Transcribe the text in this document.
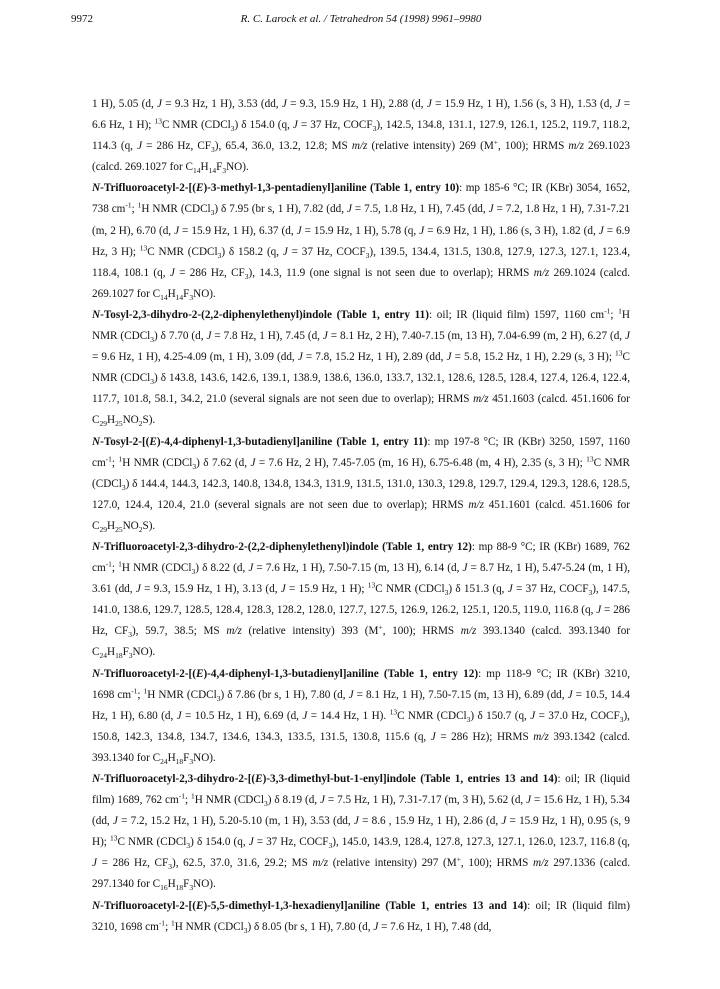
9972	R. C. Larock et al. / Tetrahedron 54 (1998) 9961–9980

1 H), 5.05 (d, J = 9.3 Hz, 1 H), 3.53 (dd, J = 9.3, 15.9 Hz, 1 H), 2.88 (d, J = 15.9 Hz, 1 H), 1.56 (s, 3 H), 1.53 (d, J = 6.6 Hz, 1 H); $^{13}$C NMR (CDCl$_3$) δ 154.0 (q, J = 37 Hz, $COCF_3$), 142.5, 134.8, 131.1, 127.9, 126.1, 125.2, 119.7, 118.2, 114.3 (q, J = 286 Hz, $CF_3$), 65.4, 36.0, 13.2, 12.8; MS m/z (relative intensity) 269 (M+, 100); HRMS m/z 269.1023 (calcd. 269.1027 for $C_{14}H_{14}F_3NO$).

N-Trifluoroacetyl-2-[(E)-3-methyl-1,3-pentadienyl]aniline (Table 1, entry 10): mp 185-6 °C; IR (KBr) 3054, 1652, 738 $cm^{-1}$; $^1$H NMR (CDCl$_3$) δ 7.95 (br s, 1 H), 7.82 (dd, J = 7.5, 1.8 Hz, 1 H), 7.45 (dd, J = 7.2, 1.8 Hz, 1 H), 7.31-7.21 (m, 2 H), 6.70 (d, J = 15.9 Hz, 1 H), 6.37 (d, J = 15.9 Hz, 1 H), 5.78 (q, J = 6.9 Hz, 1 H), 1.86 (s, 3 H), 1.82 (d, J = 6.9 Hz, 3 H); $^{13}$C NMR (CDCl$_3$) δ 158.2 (q, J = 37 Hz, $COCF_3$), 139.5, 134.4, 131.5, 130.8, 127.9, 127.3, 127.1, 123.4, 118.4, 108.1 (q, J = 286 Hz, $CF_3$), 14.3, 11.9 (one signal is not seen due to overlap); HRMS m/z 269.1024 (calcd. 269.1027 for $C_{14}H_{14}F_3NO$).

N-Tosyl-2,3-dihydro-2-(2,2-diphenylethenyl)indole (Table 1, entry 11): oil; IR (liquid film) 1597, 1160 $cm^{-1}$; $^1$H NMR (CDCl$_3$) δ 7.70 (d, J = 7.8 Hz, 1 H), 7.45 (d, J = 8.1 Hz, 2 H), 7.40-7.15 (m, 13 H), 7.04-6.99 (m, 2 H), 6.27 (d, J = 9.6 Hz, 1 H), 4.25-4.09 (m, 1 H), 3.09 (dd, J = 7.8, 15.2 Hz, 1 H), 2.89 (dd, J = 5.8, 15.2 Hz, 1 H), 2.29 (s, 3 H); $^{13}$C NMR (CDCl$_3$) δ 143.8, 143.6, 142.6, 139.1, 138.9, 138.6, 136.0, 133.7, 132.1, 128.6, 128.5, 128.4, 127.4, 126.4, 122.4, 117.7, 101.8, 58.1, 34.2, 21.0 (several signals are not seen due to overlap); HRMS m/z 451.1603 (calcd. 451.1606 for $C_{29}H_{25}NO_2S$).

N-Tosyl-2-[(E)-4,4-diphenyl-1,3-butadienyl]aniline (Table 1, entry 11): mp 197-8 °C; IR (KBr) 3250, 1597, 1160 $cm^{-1}$; $^1$H NMR (CDCl$_3$) δ 7.62 (d, J = 7.6 Hz, 2 H), 7.45-7.05 (m, 16 H), 6.75-6.48 (m, 4 H), 2.35 (s, 3 H); $^{13}$C NMR (CDCl$_3$) δ 144.4, 144.3, 142.3, 140.8, 134.8, 134.3, 131.9, 131.5, 131.0, 130.3, 129.8, 129.7, 129.4, 129.3, 128.6, 128.5, 127.0, 124.4, 120.4, 21.0 (several signals are not seen due to overlap); HRMS m/z 451.1601 (calcd. 451.1606 for $C_{29}H_{25}NO_2S$).

N-Trifluoroacetyl-2,3-dihydro-2-(2,2-diphenylethenyl)indole (Table 1, entry 12): mp 88-9 °C; IR (KBr) 1689, 762 $cm^{-1}$; $^1$H NMR (CDCl$_3$) δ 8.22 (d, J = 7.6 Hz, 1 H), 7.50-7.15 (m, 13 H), 6.14 (d, J = 8.7 Hz, 1 H), 5.47-5.24 (m, 1 H), 3.61 (dd, J = 9.3, 15.9 Hz, 1 H), 3.13 (d, J = 15.9 Hz, 1 H); $^{13}$C NMR (CDCl$_3$) δ 151.3 (q, J = 37 Hz, $COCF_3$), 147.5, 141.0, 138.6, 129.7, 128.5, 128.4, 128.3, 128.2, 128.0, 127.7, 127.5, 126.9, 126.2, 125.1, 120.5, 119.0, 116.8 (q, J = 286 Hz, $CF_3$), 59.7, 38.5; MS m/z (relative intensity) 393 (M+, 100); HRMS m/z 393.1340 (calcd. 393.1340 for $C_{24}H_{18}F_3NO$).

N-Trifluoroacetyl-2-[(E)-4,4-diphenyl-1,3-butadienyl]aniline (Table 1, entry 12): mp 118-9 °C; IR (KBr) 3210, 1698 $cm^{-1}$; $^1$H NMR (CDCl$_3$) δ 7.86 (br s, 1 H), 7.80 (d, J = 8.1 Hz, 1 H), 7.50-7.15 (m, 13 H), 6.89 (dd, J = 10.5, 14.4 Hz, 1 H), 6.80 (d, J = 10.5 Hz, 1 H), 6.69 (d, J = 14.4 Hz, 1 H). $^{13}$C NMR (CDCl$_3$) δ 150.7 (q, J = 37.0 Hz, $COCF_3$), 150.8, 142.3, 134.8, 134.7, 134.6, 134.3, 133.5, 131.5, 130.8, 115.6 (q, J = 286 Hz); HRMS m/z 393.1342 (calcd. 393.1340 for $C_{24}H_{18}F_3NO$).

N-Trifluoroacetyl-2,3-dihydro-2-[(E)-3,3-dimethyl-but-1-enyl]indole (Table 1, entries 13 and 14): oil; IR (liquid film) 1689, 762 $cm^{-1}$; $^1$H NMR (CDCl$_3$) δ 8.19 (d, J = 7.5 Hz, 1 H), 7.31-7.17 (m, 3 H), 5.62 (d, J = 15.6 Hz, 1 H), 5.34 (dd, J = 7.2, 15.2 Hz, 1 H), 5.20-5.10 (m, 1 H), 3.53 (dd, J = 8.6 , 15.9 Hz, 1 H), 2.86 (d, J = 15.9 Hz, 1 H), 0.95 (s, 9 H); $^{13}$C NMR (CDCl$_3$) δ 154.0 (q, J = 37 Hz, $COCF_3$), 145.0, 143.9, 128.4, 127.8, 127.3, 127.1, 126.0, 123.7, 116.8 (q, J = 286 Hz, $CF_3$), 62.5, 37.0, 31.6, 29.2; MS m/z (relative intensity) 297 (M+, 100); HRMS m/z 297.1336 (calcd. 297.1340 for $C_{16}H_{18}F_3NO$).

N-Trifluoroacetyl-2-[(E)-5,5-dimethyl-1,3-hexadienyl]aniline (Table 1, entries 13 and 14): oil; IR (liquid film) 3210, 1698 $cm^{-1}$; $^1$H NMR (CDCl$_3$) δ 8.05 (br s, 1 H), 7.80 (d, J = 7.6 Hz, 1 H), 7.48 (dd,
